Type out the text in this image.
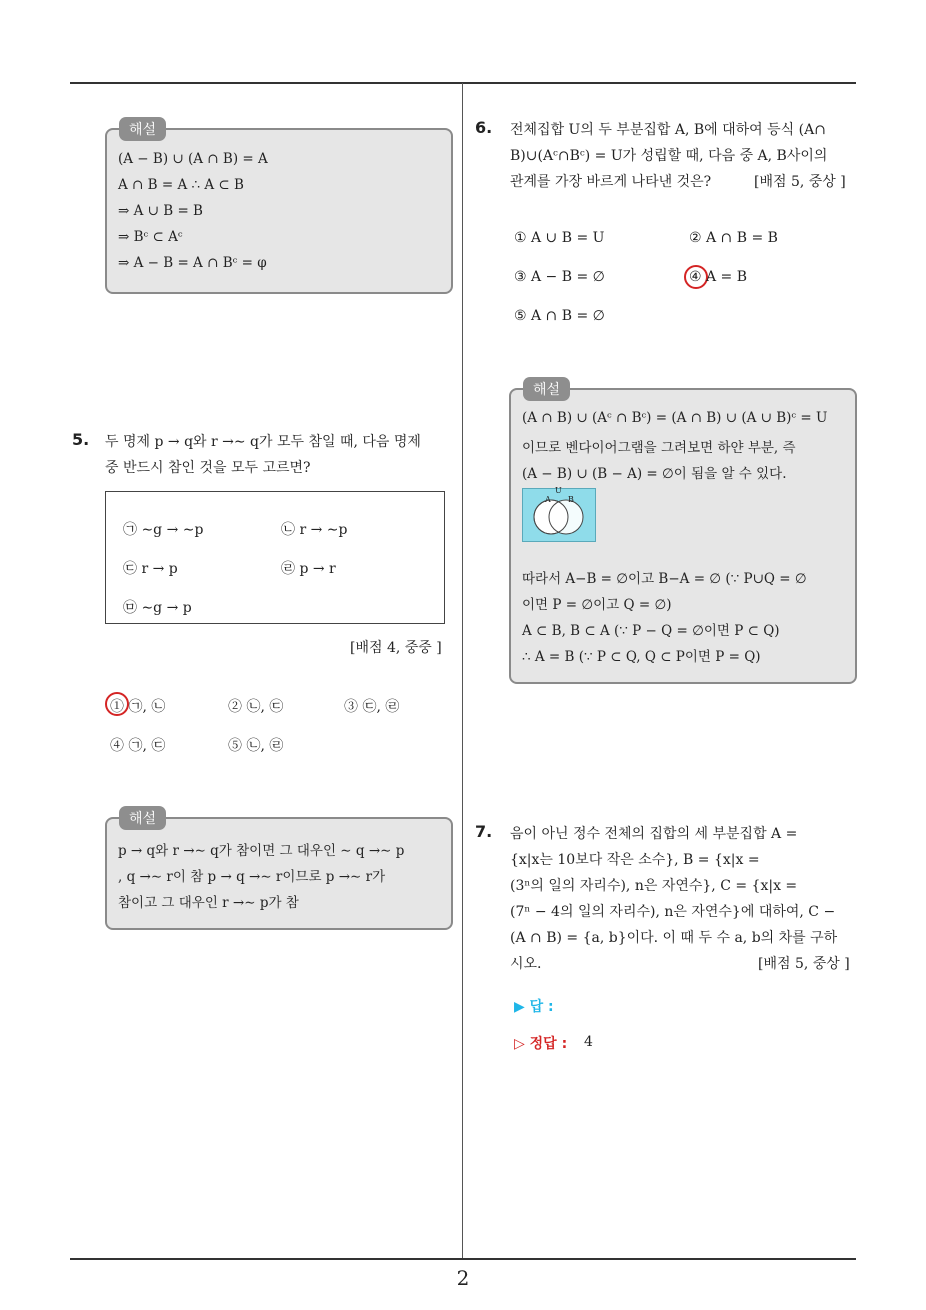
2
해설
(A − B) ∪ (A ∩ B) = A
A ∩ B = A ∴ A ⊂ B
⇒ A ∪ B = B
⇒ Bᶜ ⊂ Aᶜ
⇒ A − B = A ∩ Bᶜ = φ
5. 두 명제 p → q와 r →∼ q가 모두 참일 때, 다음 명제
중 반드시 참인 것을 모두 고르면?
㉠ ∼g → ∼p	㉡ r → ∼p
㉢ r → p	㉣ p → r
㉤ ∼g → p
[배점 4, 중중 ]
① ㉠, ㉡	② ㉡, ㉢	③ ㉢, ㉣
④ ㉠, ㉢	⑤ ㉡, ㉣
해설
p → q와 r →∼ q가 참이면 그 대우인 ∼ q →∼ p
, q →∼ r이 참 p → q →∼ r이므로 p →∼ r가
참이고 그 대우인 r →∼ p가 참
6. 전체집합 U의 두 부분집합 A, B에 대하여 등식 (A∩
B)∪(Aᶜ∩Bᶜ) = U가 성립할 때, 다음 중 A, B사이의
관계를 가장 바르게 나타낸 것은?	[배점 5, 중상 ]
① A ∪ B = U	② A ∩ B = B
③ A − B = ∅	④ A = B
⑤ A ∩ B = ∅
해설
(A ∩ B) ∪ (Aᶜ ∩ Bᶜ) = (A ∩ B) ∪ (A ∪ B)ᶜ = U
이므로 벤다이어그램을 그려보면 하얀 부분, 즉
(A − B) ∪ (B − A) = ∅이 됨을 알 수 있다.
U
A B
따라서 A−B = ∅이고 B−A = ∅ (∵ P∪Q = ∅
이면 P = ∅이고 Q = ∅)
A ⊂ B, B ⊂ A (∵ P − Q = ∅이면 P ⊂ Q)
∴ A = B (∵ P ⊂ Q, Q ⊂ P이면 P = Q)
7. 음이 아닌 정수 전체의 집합의 세 부분집합 A =
{x|x는 10보다 작은 소수}, B = {x|x =
(3ⁿ의 일의 자리수), n은 자연수}, C = {x|x =
(7ⁿ − 4의 일의 자리수), n은 자연수}에 대하여, C −
(A ∩ B) = {a, b}이다. 이 때 두 수 a, b의 차를 구하
시오.	[배점 5, 중상 ]
▶ 답 :
▷ 정답 : 4
